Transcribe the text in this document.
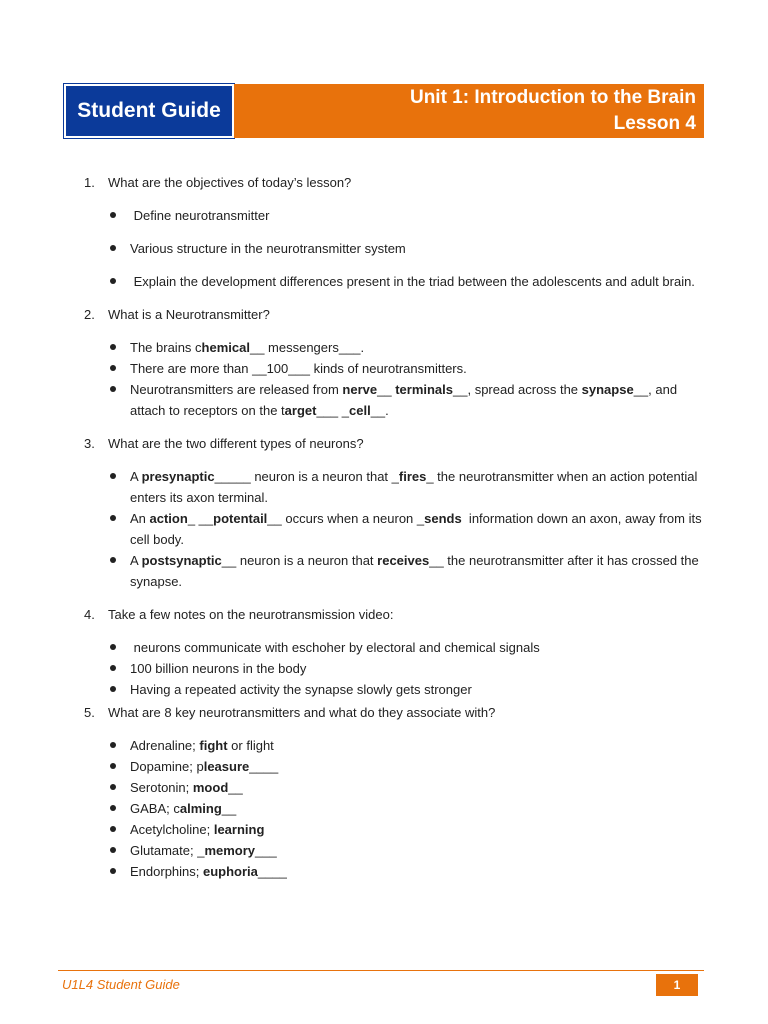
Student Guide
Unit 1: Introduction to the Brain
Lesson 4
1. What are the objectives of today’s lesson?
Define neurotransmitter
Various structure in the neurotransmitter system
Explain the development differences present in the triad between the adolescents and adult brain.
2. What is a Neurotransmitter?
The brains chemical__ messengers___.
There are more than __100___ kinds of neurotransmitters.
Neurotransmitters are released from nerve__ terminals__, spread across the synapse__, and attach to receptors on the target___ _cell__.
3. What are the two different types of neurons?
A presynaptic_____ neuron is a neuron that _fires_ the neurotransmitter when an action potential enters its axon terminal.
An action_ __potentail__ occurs when a neuron _sends  information down an axon, away from its cell body.
A postsynaptic__ neuron is a neuron that receives__ the neurotransmitter after it has crossed the synapse.
4. Take a few notes on the neurotransmission video:
neurons communicate with eschoher by electoral and chemical signals
100 billion neurons in the body
Having a repeated activity the synapse slowly gets stronger
5. What are 8 key neurotransmitters and what do they associate with?
Adrenaline; fight or flight
Dopamine; pleasure____
Serotonin; mood__
GABA; calming__
Acetylcholine; learning
Glutamate; _memory___
Endorphins; euphoria____
U1L4 Student Guide	1
